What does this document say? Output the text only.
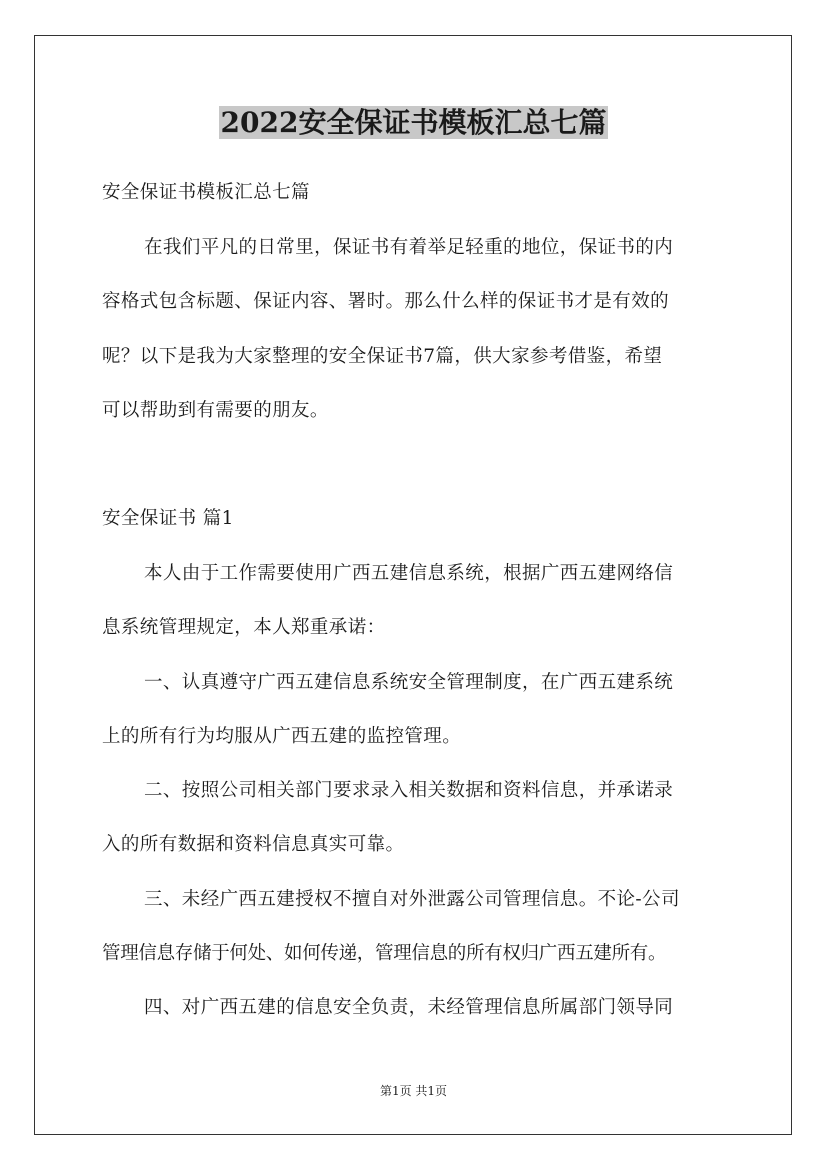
2022安全保证书模板汇总七篇
安全保证书模板汇总七篇
在我们平凡的日常里，保证书有着举足轻重的地位，保证书的内
容格式包含标题、保证内容、署时。那么什么样的保证书才是有效的
呢？以下是我为大家整理的安全保证书7篇，供大家参考借鉴，希望
可以帮助到有需要的朋友。
安全保证书 篇1
本人由于工作需要使用广西五建信息系统，根据广西五建网络信
息系统管理规定，本人郑重承诺：
一、认真遵守广西五建信息系统安全管理制度，在广西五建系统
上的所有行为均服从广西五建的监控管理。
二、按照公司相关部门要求录入相关数据和资料信息，并承诺录
入的所有数据和资料信息真实可靠。
三、未经广西五建授权不擅自对外泄露公司管理信息。不论-公司
管理信息存储于何处、如何传递，管理信息的所有权归广西五建所有。
四、对广西五建的信息安全负责，未经管理信息所属部门领导同
第1页 共1页
